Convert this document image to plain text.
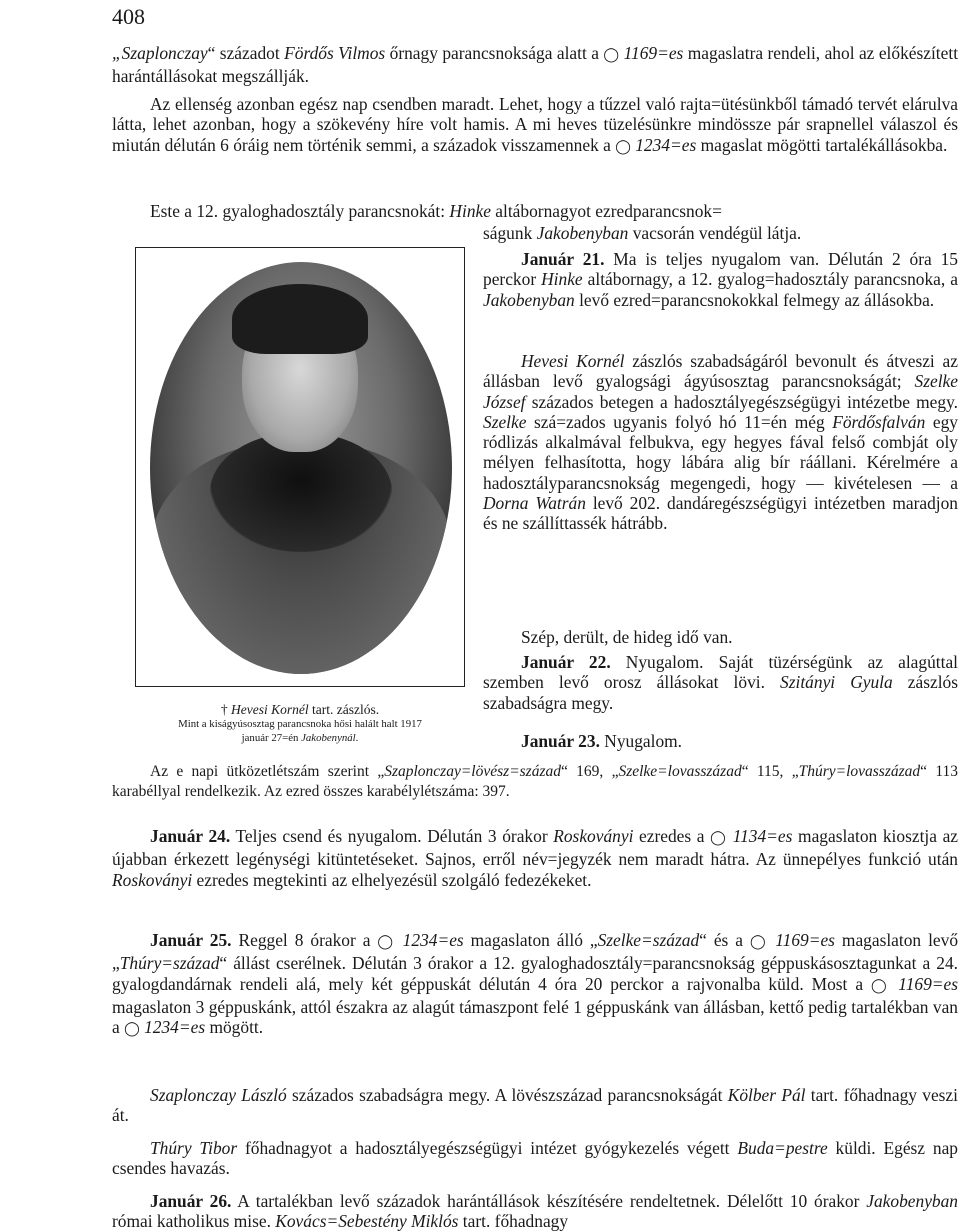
408
„Szaplonczay“ századot Fördős Vilmos őrnagy parancsnoksága alatt a ◯ 1169=es magaslatra rendeli, ahol az előkészített harántállásokat megszállják.
Az ellenség azonban egész nap csendben maradt. Lehet, hogy a tűzzel való rajta=ütésünkből támadó tervét elárulva látta, lehet azonban, hogy a szökevény híre volt hamis. A mi heves tüzelésünkre mindössze pár srapnellel válaszol és miután délután 6 óráig nem történik semmi, a századok visszamennek a ◯ 1234=es magaslat mögötti tartalékállásokba.
Este a 12. gyaloghadosztály parancsnokát: Hinke altábornagyot ezredparancsnok=
ságunk Jakobenyban vacsorán vendégül látja.
Január 21. Ma is teljes nyugalom van. Délután 2 óra 15 perckor Hinke altábornagy, a 12. gyalog=hadosztály parancsnoka, a Jakobenyban levő ezred=parancsnokokkal felmegy az állásokba.
Hevesi Kornél zászlós szabadságáról bevonult és átveszi az állásban levő gyalogsági ágyúsosztag parancsnokságát; Szelke József százados betegen a hadosztályegészségügyi intézetbe megy. Szelke szá=zados ugyanis folyó hó 11=én még Fördősfalván egy ródlizás alkalmával felbukva, egy hegyes fával felső combját oly mélyen felhasította, hogy lábára alig bír ráállani. Kérelmére a hadosztályparancsnokság megengedi, hogy — kivételesen — a Dorna Watrán levő 202. dandáregészségügyi intézetben maradjon és ne szállíttassék hátrább.
Szép, derült, de hideg idő van.
Január 22. Nyugalom. Saját tüzérségünk az alagúttal szemben levő orosz állásokat lövi. Szitányi Gyula zászlós szabadságra megy.
Január 23. Nyugalom.
† Hevesi Kornél tart. zászlós.
Mint a kiságyúsosztag parancsnoka hősi halált halt 1917
január 27=én Jakobenynál.
Az e napi ütközetlétszám szerint „Szaplonczay=lövész=század“ 169, „Szelke=lovasszázad“ 115, „Thúry=lovasszázad“ 113 karabéllyal rendelkezik. Az ezred összes karabélylétszáma: 397.
Január 24. Teljes csend és nyugalom. Délután 3 órakor Roskoványi ezredes a ◯ 1134=es magaslaton kiosztja az újabban érkezett legénységi kitüntetéseket. Sajnos, erről név=jegyzék nem maradt hátra. Az ünnepélyes funkció után Roskoványi ezredes megtekinti az elhelyezésül szolgáló fedezékeket.
Január 25. Reggel 8 órakor a ◯ 1234=es magaslaton álló „Szelke=század“ és a ◯ 1169=es magaslaton levő „Thúry=század“ állást cserélnek. Délután 3 órakor a 12. gyaloghadosztály=parancsnokság géppuskásosztagunkat a 24. gyalogdandárnak rendeli alá, mely két géppuskát délután 4 óra 20 perckor a rajvonalba küld. Most a ◯ 1169=es magaslaton 3 géppuskánk, attól északra az alagút támaszpont felé 1 géppuskánk van állásban, kettő pedig tartalékban van a ◯ 1234=es mögött.
Szaplonczay László százados szabadságra megy. A lövészszázad parancsnokságát Kölber Pál tart. főhadnagy veszi át.
Thúry Tibor főhadnagyot a hadosztályegészségügyi intézet gyógykezelés végett Buda=pestre küldi. Egész nap csendes havazás.
Január 26. A tartalékban levő századok harántállások készítésére rendeltetnek. Délelőtt 10 órakor Jakobenyban római katholikus mise. Kovács=Sebestény Miklós tart. főhadnagy
